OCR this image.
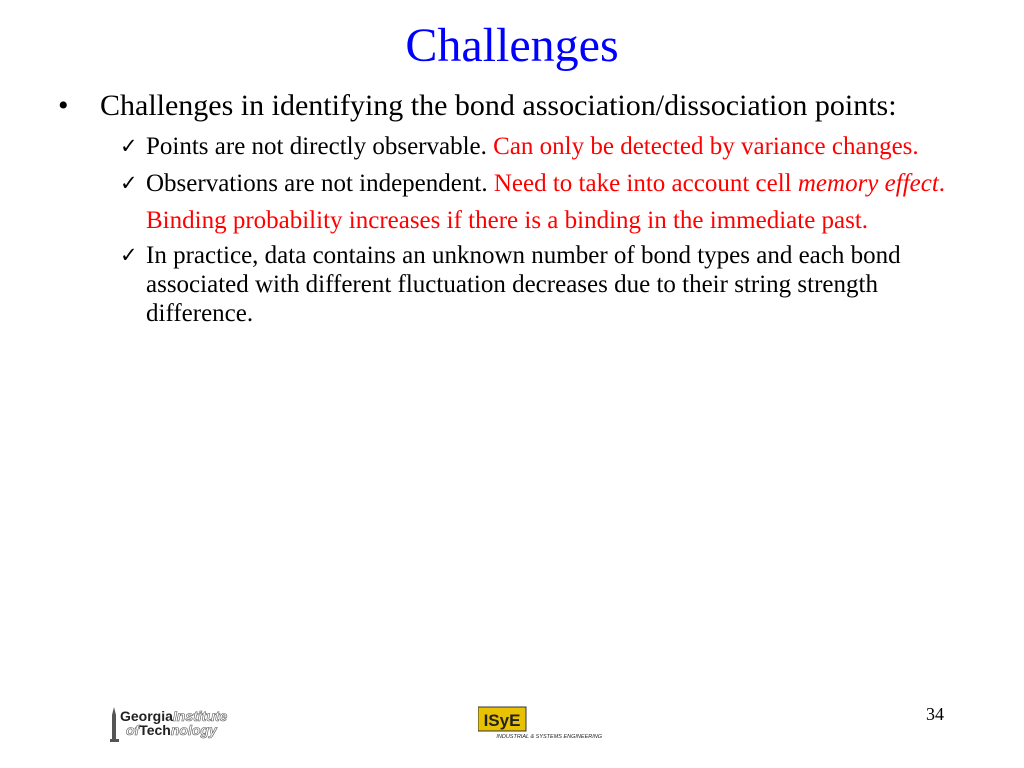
Challenges
• Challenges in identifying the bond association/dissociation points:
✓ Points are not directly observable. Can only be detected by variance changes.
✓ Observations are not independent. Need to take into account cell memory effect. Binding probability increases if there is a binding in the immediate past.
✓ In practice, data contains an unknown number of bond types and each bond associated with different fluctuation decreases due to their string strength difference.
GeorgiaInstitute
ofTechnology	ISyE
INDUSTRIAL & SYSTEMS ENGINEERING
34
